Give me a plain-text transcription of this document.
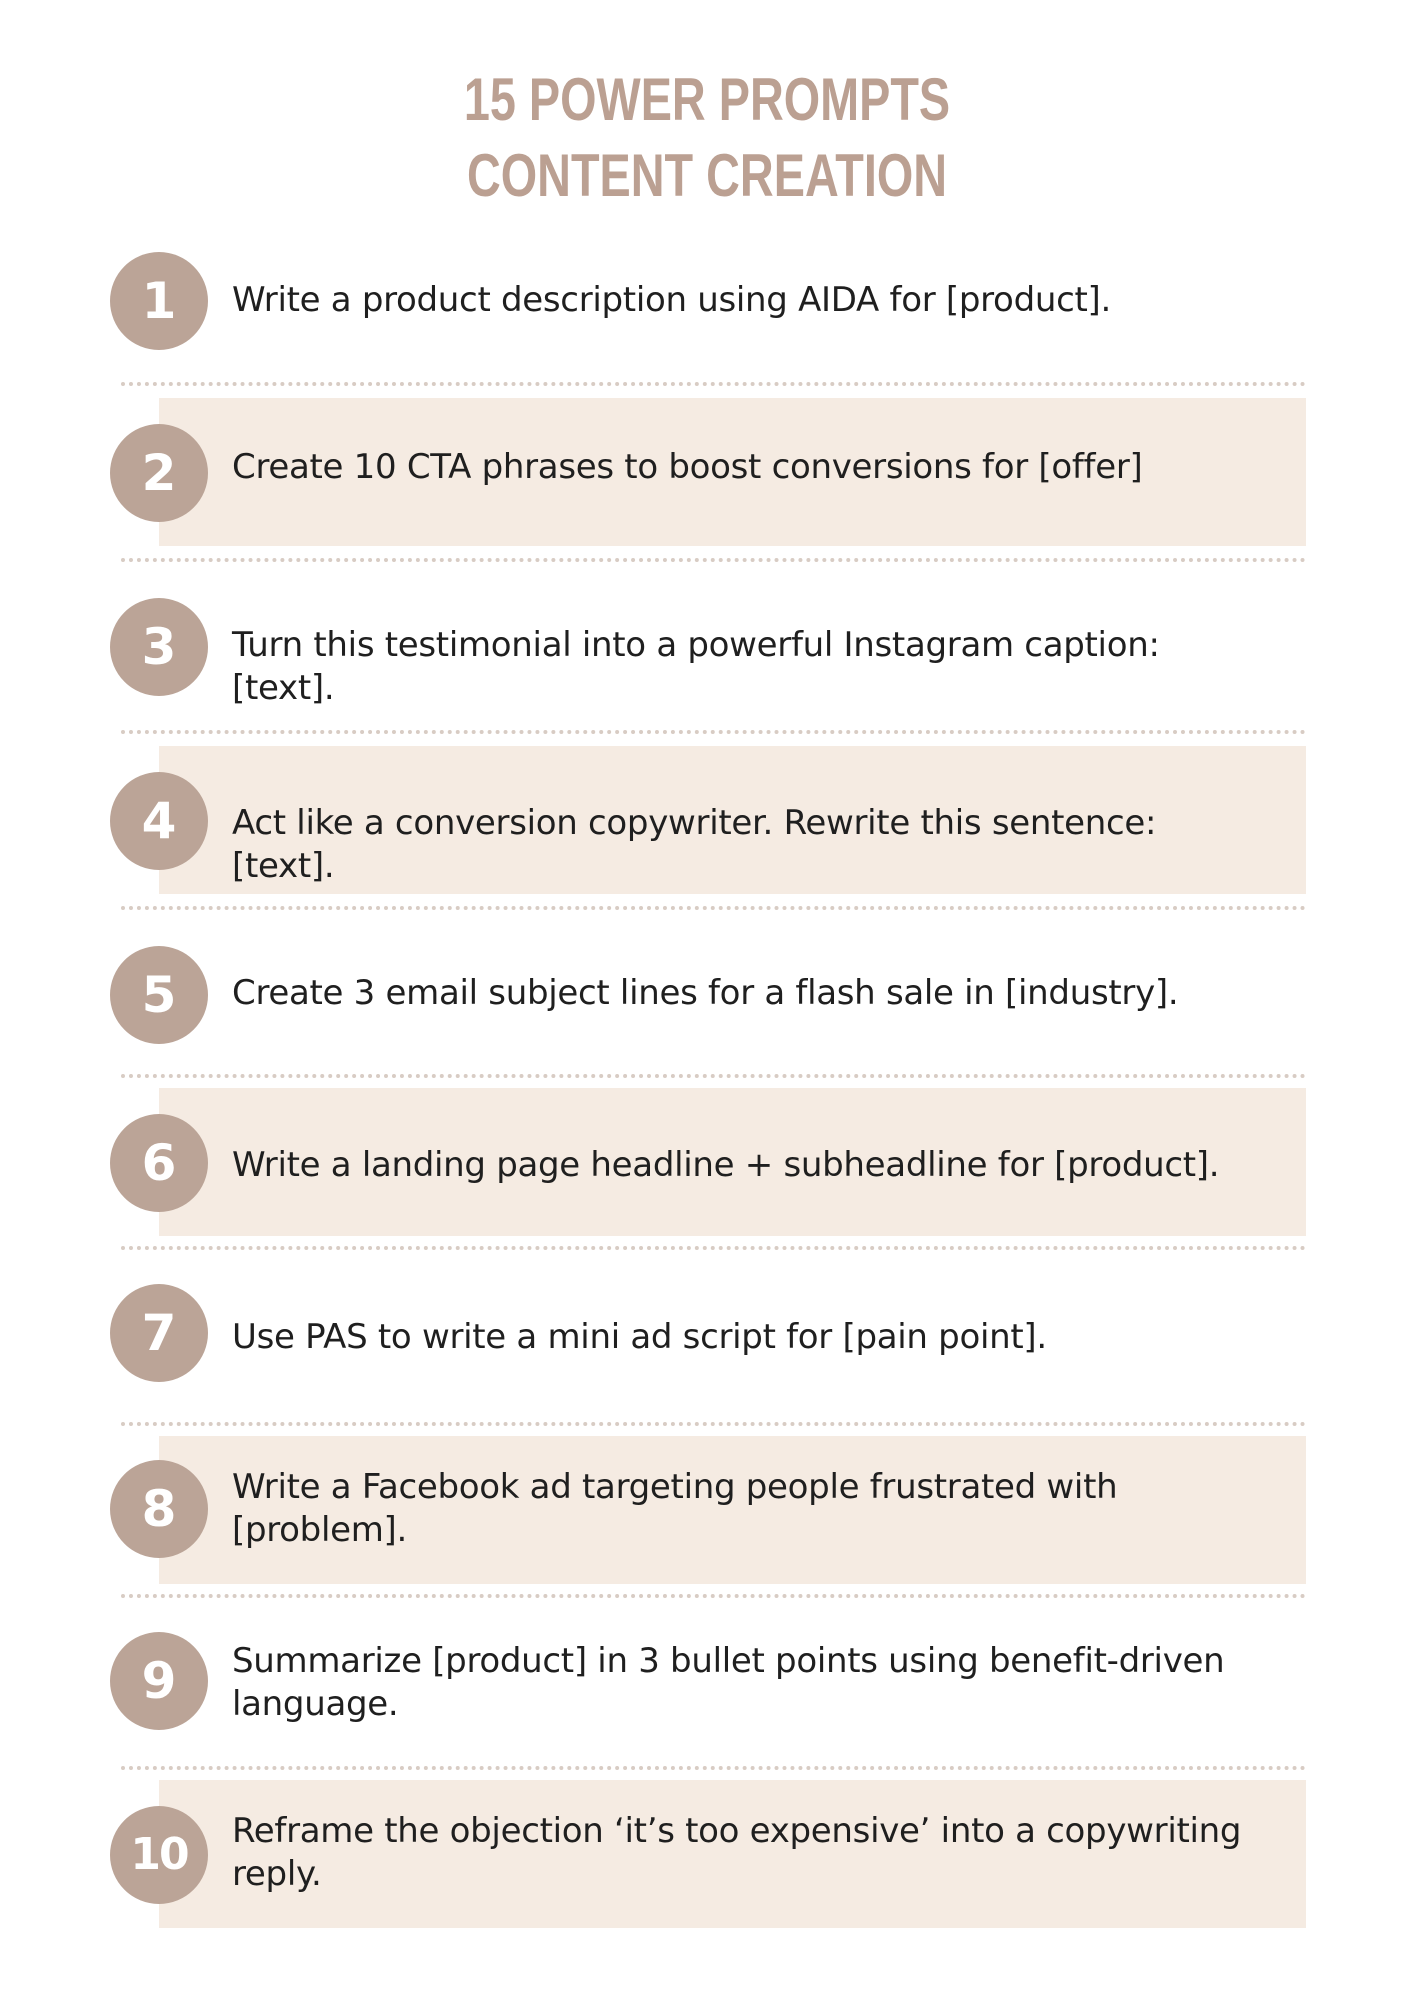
15 POWER PROMPTS
CONTENT CREATION
1	Write a product description using AIDA for [product].
2	Create 10 CTA phrases to boost conversions for [offer]
3	Turn this testimonial into a powerful Instagram caption: [text].
4	Act like a conversion copywriter. Rewrite this sentence: [text].
5	Create 3 email subject lines for a flash sale in [industry].
6	Write a landing page headline + subheadline for [product].
7	Use PAS to write a mini ad script for [pain point].
8	Write a Facebook ad targeting people frustrated with [problem].
9	Summarize [product] in 3 bullet points using benefit-driven language.
10	Reframe the objection ‘it’s too expensive’ into a copywriting reply.
